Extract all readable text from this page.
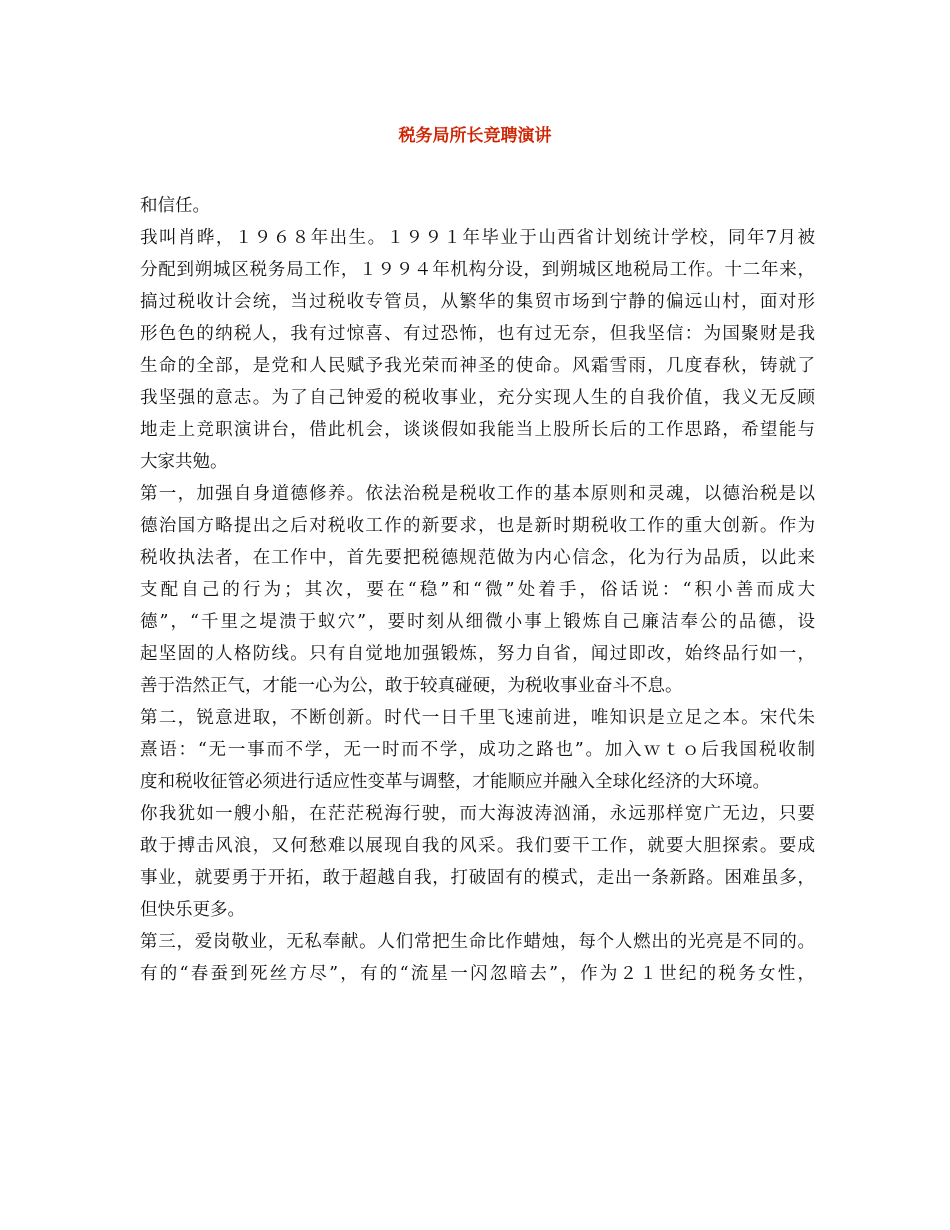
税务局所长竞聘演讲
和信任。
我叫肖晔，１９６８年出生。１９９１年毕业于山西省计划统计学校，同年7月被
分配到朔城区税务局工作，１９９４年机构分设，到朔城区地税局工作。十二年来，
搞过税收计会统，当过税收专管员，从繁华的集贸市场到宁静的偏远山村，面对形
形色色的纳税人，我有过惊喜、有过恐怖，也有过无奈，但我坚信：为国聚财是我
生命的全部，是党和人民赋予我光荣而神圣的使命。风霜雪雨，几度春秋，铸就了
我坚强的意志。为了自己钟爱的税收事业，充分实现人生的自我价值，我义无反顾
地走上竞职演讲台，借此机会，谈谈假如我能当上股所长后的工作思路，希望能与
大家共勉。
第一，加强自身道德修养。依法治税是税收工作的基本原则和灵魂，以德治税是以
德治国方略提出之后对税收工作的新要求，也是新时期税收工作的重大创新。作为
税收执法者，在工作中，首先要把税德规范做为内心信念，化为行为品质，以此来
支配自己的行为；其次，要在“稳”和“微”处着手，俗话说：“积小善而成大
德”，“千里之堤溃于蚁穴”，要时刻从细微小事上锻炼自己廉洁奉公的品德，设
起坚固的人格防线。只有自觉地加强锻炼，努力自省，闻过即改，始终品行如一，
善于浩然正气，才能一心为公，敢于较真碰硬，为税收事业奋斗不息。
第二，锐意进取，不断创新。时代一日千里飞速前进，唯知识是立足之本。宋代朱
熹语：“无一事而不学，无一时而不学，成功之路也”。加入ｗｔｏ后我国税收制
度和税收征管必须进行适应性变革与调整，才能顺应并融入全球化经济的大环境。
你我犹如一艘小船，在茫茫税海行驶，而大海波涛汹涌，永远那样宽广无边，只要
敢于搏击风浪，又何愁难以展现自我的风采。我们要干工作，就要大胆探索。要成
事业，就要勇于开拓，敢于超越自我，打破固有的模式，走出一条新路。困难虽多，
但快乐更多。
第三，爱岗敬业，无私奉献。人们常把生命比作蜡烛，每个人燃出的光亮是不同的。
有的“春蚕到死丝方尽”，有的“流星一闪忽暗去”，作为２１世纪的税务女性，
